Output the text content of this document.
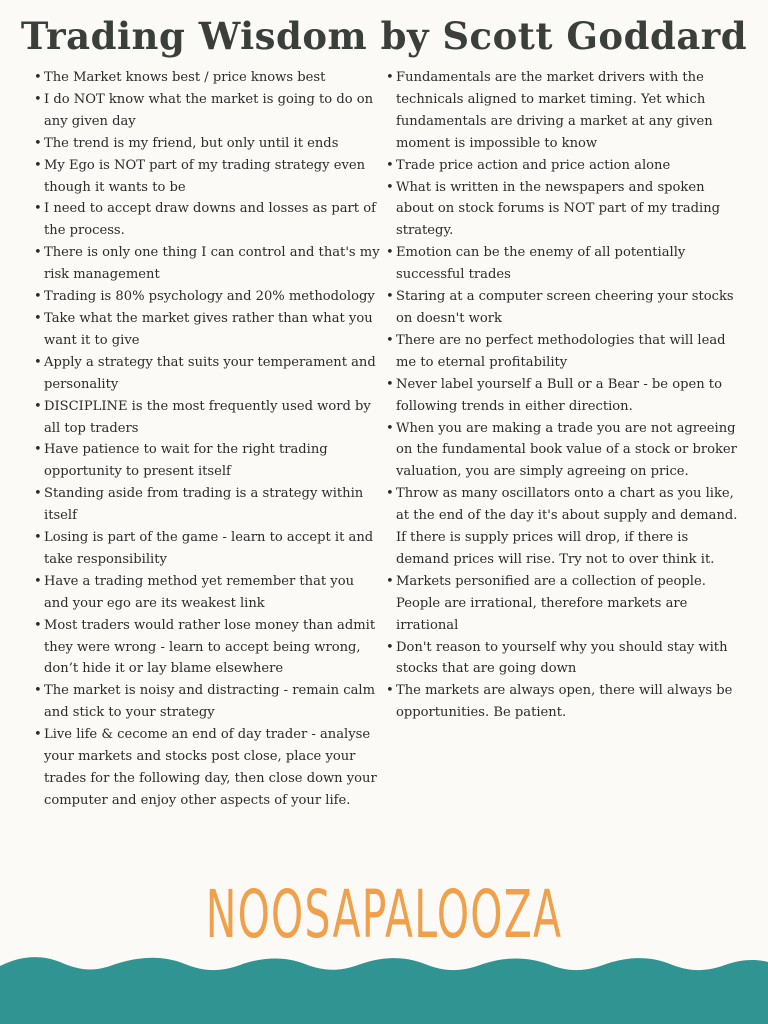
Trading Wisdom by Scott Goddard
• The Market knows best / price knows best
• I do NOT know what the market is going to do on any given day
• The trend is my friend, but only until it ends
• My Ego is NOT part of my trading strategy even though it wants to be
• I need to accept draw downs and losses as part of the process.
• There is only one thing I can control and that's my risk management
• Trading is 80% psychology and 20% methodology
• Take what the market gives rather than what you want it to give
• Apply a strategy that suits your temperament and personality
• DISCIPLINE is the most frequently used word by all top traders
• Have patience to wait for the right trading opportunity to present itself
• Standing aside from trading is a strategy within itself
• Losing is part of the game - learn to accept it and take responsibility
• Have a trading method yet remember that you and your ego are its weakest link
• Most traders would rather lose money than admit they were wrong - learn to accept being wrong, don’t hide it or lay blame elsewhere
• The market is noisy and distracting - remain calm and stick to your strategy
• Live life & cecome an end of day trader - analyse your markets and stocks post close, place your trades for the following day, then close down your computer and enjoy other aspects of your life.
• Fundamentals are the market drivers with the technicals aligned to market timing. Yet which fundamentals are driving a market at any given moment is impossible to know
• Trade price action and price action alone
• What is written in the newspapers and spoken about on stock forums is NOT part of my trading strategy.
• Emotion can be the enemy of all potentially successful trades
• Staring at a computer screen cheering your stocks on doesn't work
• There are no perfect methodologies that will lead me to eternal profitability
• Never label yourself a Bull or a Bear - be open to following trends in either direction.
• When you are making a trade you are not agreeing on the fundamental book value of a stock or broker valuation, you are simply agreeing on price.
• Throw as many oscillators onto a chart as you like, at the end of the day it's about supply and demand. If there is supply prices will drop, if there is demand prices will rise. Try not to over think it.
• Markets personified are a collection of people. People are irrational, therefore markets are irrational
• Don't reason to yourself why you should stay with stocks that are going down
• The markets are always open, there will always be opportunities. Be patient.
NOOSAPALOOZA
